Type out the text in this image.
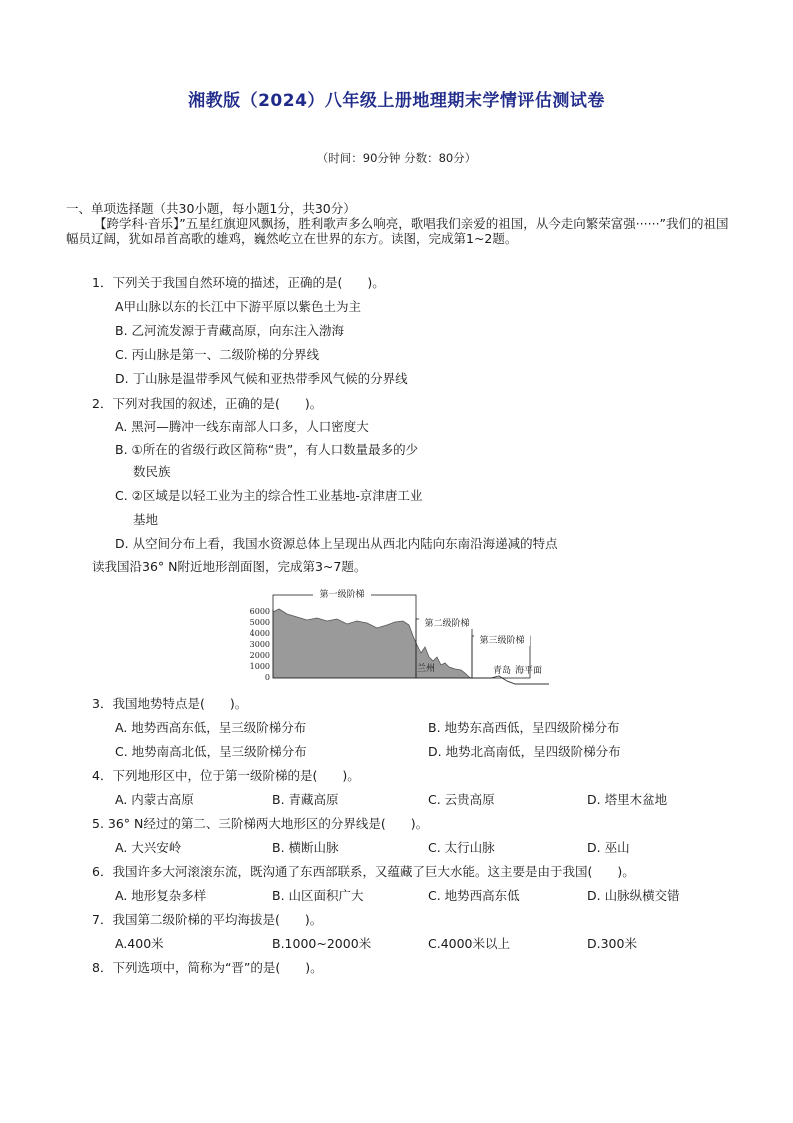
湘教版（2024）八年级上册地理期末学情评估测试卷
（时间：90分钟 分数：80分）
一、单项选择题（共30小题，每小题1分，共30分）
【跨学科·音乐】”五星红旗迎风飘扬，胜利歌声多么响亮，歌唱我们亲爱的祖国，从今走向繁荣富强······”我们的祖国幅员辽阔，犹如昂首高歌的雄鸡，巍然屹立在世界的东方。读图，完成第1~2题。
1．下列关于我国自然环境的描述，正确的是(　　)。
A甲山脉以东的长江中下游平原以紫色土为主
B. 乙河流发源于青藏高原，向东注入渤海
C. 丙山脉是第一、二级阶梯的分界线
D. 丁山脉是温带季风气候和亚热带季风气候的分界线
2．下列对我国的叙述，正确的是(　　)。
A. 黑河—腾冲一线东南部人口多，人口密度大
B. ①所在的省级行政区简称“贵”，有人口数量最多的少
数民族
C. ②区域是以轻工业为主的综合性工业基地-京津唐工业
基地
D. 从空间分布上看，我国水资源总体上呈现出从西北内陆向东南沿海递减的特点
读我国沿36° N附近地形剖面图，完成第3~7题。
6000
5000
4000
3000
2000
1000
0
第一级阶梯
第二级阶梯
第三级阶梯
兰州	青岛 海平面
3．我国地势特点是(　　)。
A. 地势西高东低，呈三级阶梯分布	B. 地势东高西低，呈四级阶梯分布
C. 地势南高北低，呈三级阶梯分布	D. 地势北高南低，呈四级阶梯分布
4．下列地形区中，位于第一级阶梯的是(　　)。
A. 内蒙古高原	B. 青藏高原	C. 云贵高原	D. 塔里木盆地
5. 36° N经过的第二、三阶梯两大地形区的分界线是(　　)。
A. 大兴安岭	B. 横断山脉	C. 太行山脉	D. 巫山
6．我国许多大河滚滚东流，既沟通了东西部联系，又蕴藏了巨大水能。这主要是由于我国(　　)。
A. 地形复杂多样	B. 山区面积广大	C. 地势西高东低	D. 山脉纵横交错
7．我国第二级阶梯的平均海拔是(　　)。
A.400米	B.1000~2000米	C.4000米以上	D.300米
8．下列选项中，简称为“晋”的是(　　)。
